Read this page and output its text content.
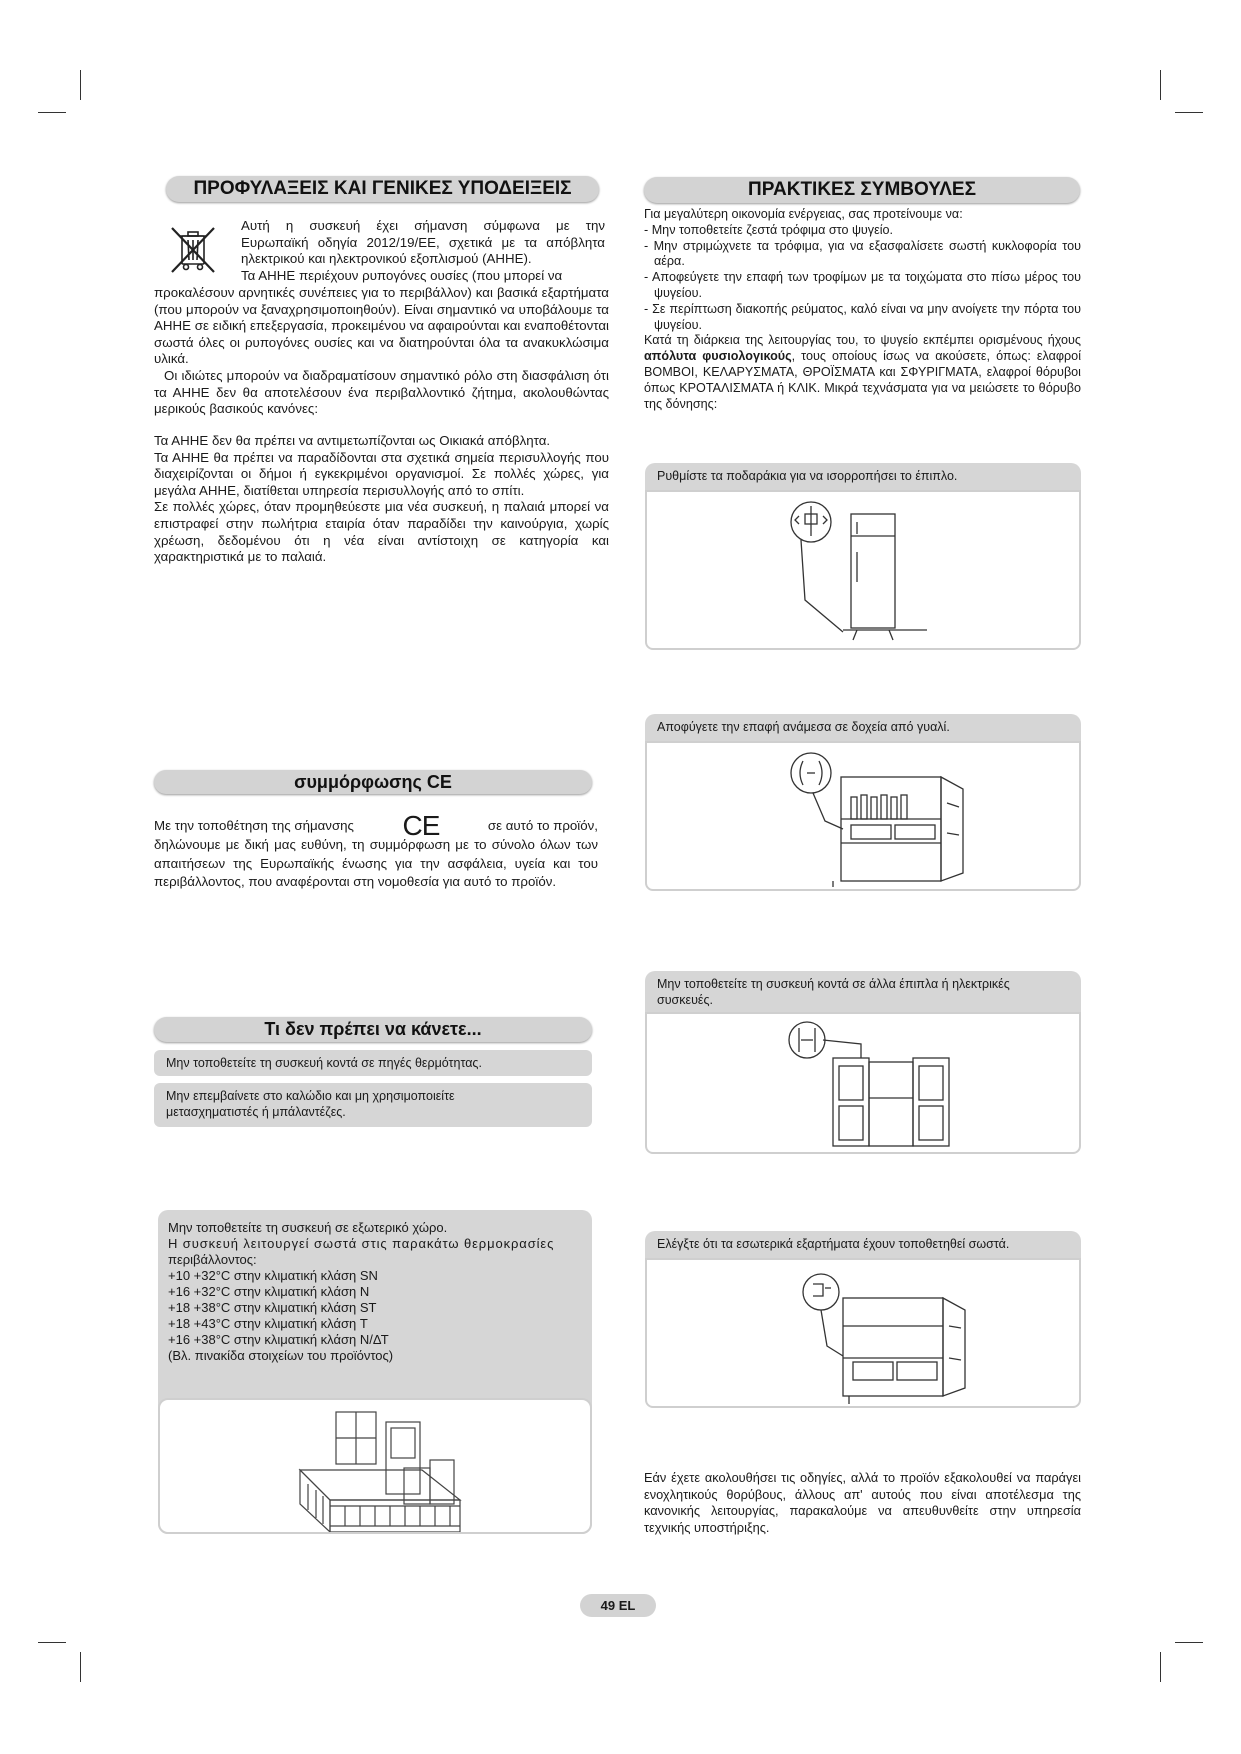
ΠΡΟΦΥΛΑΞΕΙΣ ΚΑΙ ΓΕΝΙΚΕΣ ΥΠΟΔΕΙΞΕΙΣ

Αυτή η συσκευή έχει σήμανση σύμφωνα με την

Ευρωπαϊκή οδηγία 2012/19/ΕΕ, σχετικά με τα απόβλητα

ηλεκτρικού και ηλεκτρονικού εξοπλισμού (ΑΗΗΕ).

Τα ΑΗΗΕ περιέχουν ρυπογόνες ουσίες (που μπορεί να

προκαλέσουν αρνητικές συνέπειες για το περιβάλλον) και βασικά εξαρτήματα (που μπορούν να ξαναχρησιμοποιηθούν). Είναι σημαντικό να υποβάλουμε τα ΑΗΗΕ σε ειδική επεξεργασία, προκειμένου να αφαιρούνται και εναποθέτονται σωστά όλες οι ρυπογόνες ουσίες και να διατηρούνται όλα τα ανακυκλώσιμα υλικά.

Οι ιδιώτες μπορούν να διαδραματίσουν σημαντικό ρόλο στη διασφάλιση ότι τα ΑΗΗΕ δεν θα αποτελέσουν ένα περιβαλλοντικό ζήτημα, ακολουθώντας μερικούς βασικούς κανόνες:

Τα ΑΗΗΕ δεν θα πρέπει να αντιμετωπίζονται ως Οικιακά απόβλητα.

Τα ΑΗΗΕ θα πρέπει να παραδίδονται στα σχετικά σημεία περισυλλογής που διαχειρίζονται οι δήμοι ή εγκεκριμένοι οργανισμοί. Σε πολλές χώρες, για μεγάλα ΑΗΗΕ, διατίθεται υπηρεσία περισυλλογής από το σπίτι.

Σε πολλές χώρες, όταν προμηθεύεστε μια νέα συσκευή, η παλαιά μπορεί να επιστραφεί στην πωλήτρια εταιρία όταν παραδίδει την καινούργια, χωρίς χρέωση, δεδομένου ότι η νέα είναι αντίστοιχη σε κατηγορία και χαρακτηριστικά με το παλαιά.

συμμόρφωσης CE

Με την τοποθέτηση της σήμανσης CE	σε αυτό το προϊόν,

δηλώνουμε με δική μας ευθύνη, τη συμμόρφωση με το σύνολο όλων των απαιτήσεων της Ευρωπαϊκής ένωσης για την ασφάλεια, υγεία και του περιβάλλοντος, που αναφέρονται στη νομοθεσία για αυτό το προϊόν.

Τι δεν πρέπει να κάνετε...
Μην τοποθετείτε τη συσκευή κοντά σε πηγές θερμότητας.
Μην επεμβαίνετε στο καλώδιο και μη χρησιμοποιείτε
μετασχηματιστές ή μπάλαντέζες.
Μην τοποθετείτε τη συσκευή σε εξωτερικό χώρο.
Η συσκευή λειτουργεί σωστά στις παρακάτω θερμοκρασίες
περιβάλλοντος:
+10 +32°C στην κλιματική κλάση SN
+16 +32°C στην κλιματική κλάση N
+18 +38°C στην κλιματική κλάση ST
+18 +43°C στην κλιματική κλάση T
+16 +38°C στην κλιματική κλάση N/ΔΤ
(Βλ. πινακίδα στοιχείων του προϊόντος)
ΠΡΑΚΤΙΚΕΣ ΣΥΜΒΟΥΛΕΣ

Για μεγαλύτερη οικονομία ενέργειας, σας προτείνουμε να:

- Μην τοποθετείτε ζεστά τρόφιμα στο ψυγείο.

- Μην στριμώχνετε τα τρόφιμα, για να εξασφαλίσετε σωστή κυκλοφορία του αέρα.

- Αποφεύγετε την επαφή των τροφίμων με τα τοιχώματα στο πίσω μέρος του ψυγείου.

- Σε περίπτωση διακοπής ρεύματος, καλό είναι να μην ανοίγετε την πόρτα του ψυγείου.

Κατά τη διάρκεια της λειτουργίας του, το ψυγείο εκπέμπει ορισμένους ήχους απόλυτα φυσιολογικούς, τους οποίους ίσως να ακούσετε, όπως: ελαφροί ΒΟΜΒΟΙ, ΚΕΛΑΡΥΣΜΑΤΑ, ΘΡΟΪΣΜΑΤΑ και ΣΦΥΡΙΓΜΑΤΑ, ελαφροί θόρυβοι όπως ΚΡΟΤΑΛΙΣΜΑΤΑ ή ΚΛΙΚ. Μικρά τεχνάσματα για να μειώσετε το θόρυβο της δόνησης:

Ρυθμίστε τα ποδαράκια για να ισορροπήσει το έπιπλο.
Αποφύγετε την επαφή ανάμεσα σε δοχεία από γυαλί.
Μην τοποθετείτε τη συσκευή κοντά σε άλλα έπιπλα ή ηλεκτρικές συσκευές.
Ελέγξτε ότι τα εσωτερικά εξαρτήματα έχουν τοποθετηθεί σωστά.
Εάν έχετε ακολουθήσει τις οδηγίες, αλλά το προϊόν εξακολουθεί να παράγει ενοχλητικούς θορύβους, άλλους απ' αυτούς που είναι αποτέλεσμα της κανονικής λειτουργίας, παρακαλούμε να απευθυνθείτε στην υπηρεσία τεχνικής υποστήριξης.
49 EL
